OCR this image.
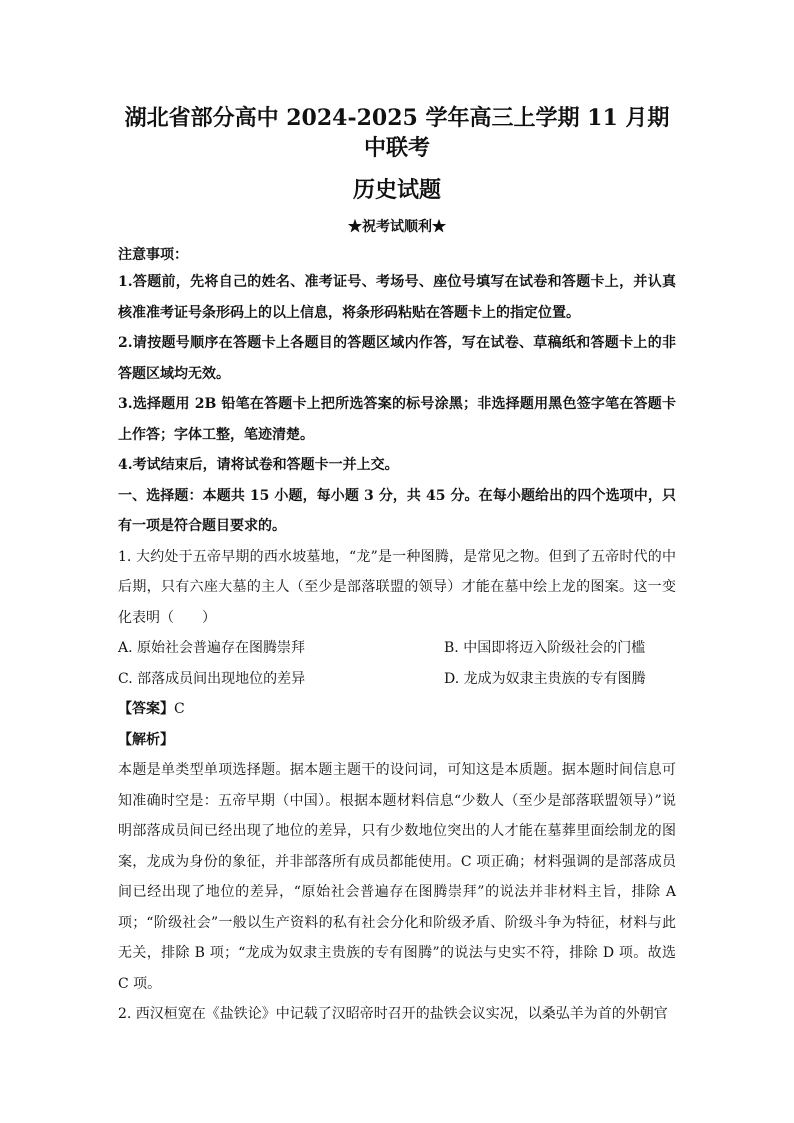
湖北省部分高中 2024-2025 学年高三上学期 11 月期中联考
历史试题
★祝考试顺利★
注意事项：
1.答题前，先将自己的姓名、准考证号、考场号、座位号填写在试卷和答题卡上，并认真核准准考证号条形码上的以上信息，将条形码粘贴在答题卡上的指定位置。
2.请按题号顺序在答题卡上各题目的答题区域内作答，写在试卷、草稿纸和答题卡上的非答题区域均无效。
3.选择题用 2B 铅笔在答题卡上把所选答案的标号涂黑；非选择题用黑色签字笔在答题卡上作答；字体工整，笔迹清楚。
4.考试结束后，请将试卷和答题卡一并上交。
一、选择题：本题共 15 小题，每小题 3 分，共 45 分。在每小题给出的四个选项中，只有一项是符合题目要求的。
1. 大约处于五帝早期的西水坡墓地，“龙”是一种图腾，是常见之物。但到了五帝时代的中后期，只有六座大墓的主人（至少是部落联盟的领导）才能在墓中绘上龙的图案。这一变化表明（　　）
A. 原始社会普遍存在图腾崇拜	B. 中国即将迈入阶级社会的门槛
C. 部落成员间出现地位的差异	D. 龙成为奴隶主贵族的专有图腾
【答案】C
【解析】
本题是单类型单项选择题。据本题主题干的设问词，可知这是本质题。据本题时间信息可知准确时空是：五帝早期（中国）。根据本题材料信息“少数人（至少是部落联盟领导）”说明部落成员间已经出现了地位的差异，只有少数地位突出的人才能在墓葬里面绘制龙的图案，龙成为身份的象征，并非部落所有成员都能使用。C 项正确；材料强调的是部落成员间已经出现了地位的差异，“原始社会普遍存在图腾崇拜”的说法并非材料主旨，排除 A 项；“阶级社会”一般以生产资料的私有社会分化和阶级矛盾、阶级斗争为特征，材料与此无关，排除 B 项；“龙成为奴隶主贵族的专有图腾”的说法与史实不符，排除 D 项。故选 C 项。
2. 西汉桓宽在《盐铁论》中记载了汉昭帝时召开的盐铁会议实况，以桑弘羊为首的外朝官
